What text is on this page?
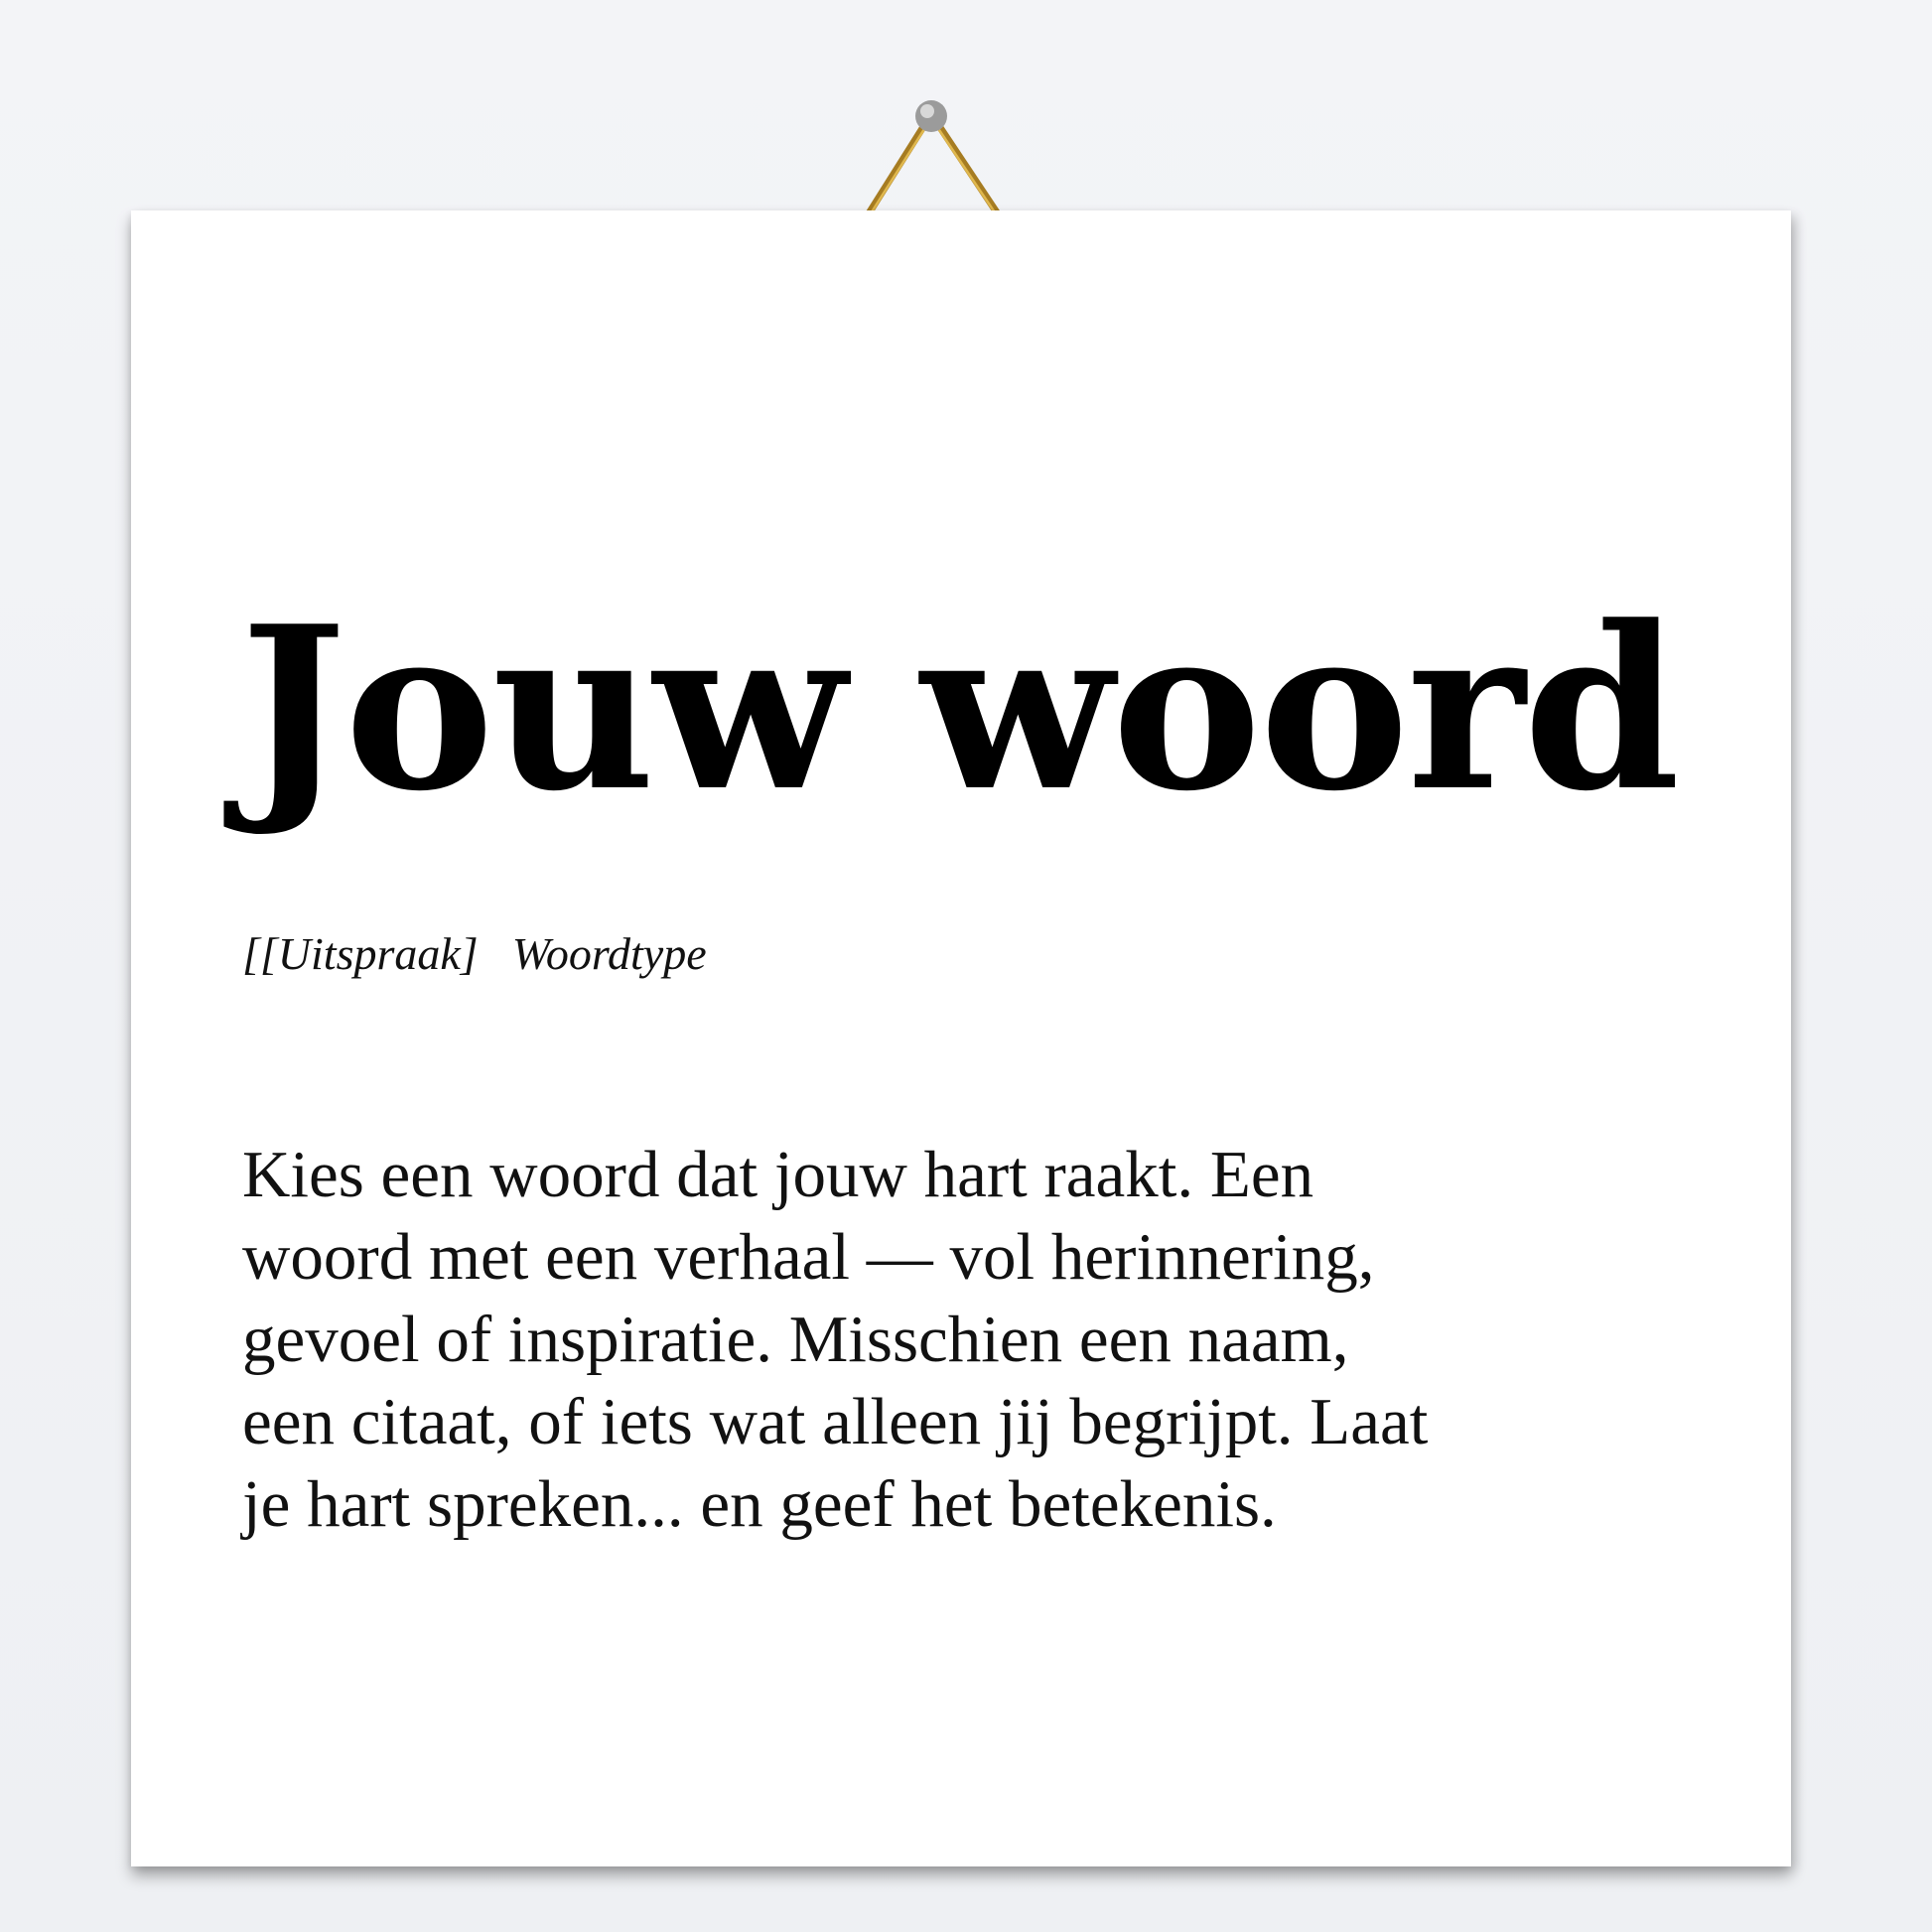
Jouw woord
[[Uitspraak] Woordtype

Kies een woord dat jouw hart raakt. Een
woord met een verhaal — vol herinnering,
gevoel of inspiratie. Misschien een naam,
een citaat, of iets wat alleen jij begrijpt. Laat
je hart spreken... en geef het betekenis.
